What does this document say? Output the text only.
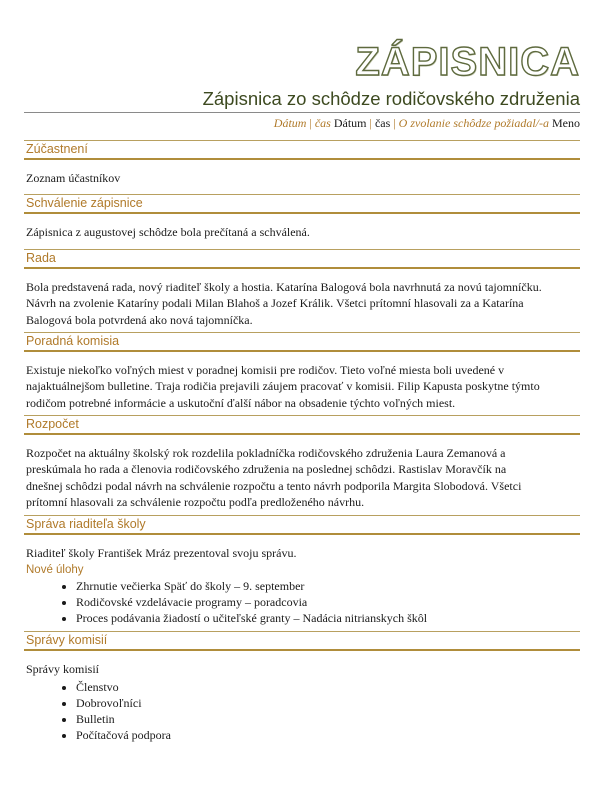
ZÁPISNICA
Zápisnica zo schôdze rodičovského združenia
Dátum | čas Dátum | čas | O zvolanie schôdze požiadal/-a Meno
Zúčastnení
Zoznam účastníkov
Schválenie zápisnice
Zápisnica z augustovej schôdze bola prečítaná a schválená.
Rada
Bola predstavená rada, nový riaditeľ školy a hostia. Katarína Balogová bola navrhnutá za novú tajomníčku.
Návrh na zvolenie Kataríny podali Milan Blahoš a Jozef Králik. Všetci prítomní hlasovali za a Katarína
Balogová bola potvrdená ako nová tajomníčka.
Poradná komisia
Existuje niekoľko voľných miest v poradnej komisii pre rodičov. Tieto voľné miesta boli uvedené v
najaktuálnejšom bulletine. Traja rodičia prejavili záujem pracovať v komisii. Filip Kapusta poskytne týmto
rodičom potrebné informácie a uskutoční ďalší nábor na obsadenie týchto voľných miest.
Rozpočet
Rozpočet na aktuálny školský rok rozdelila pokladníčka rodičovského združenia Laura Zemanová a
preskúmala ho rada a členovia rodičovského združenia na poslednej schôdzi. Rastislav Moravčík na
dnešnej schôdzi podal návrh na schválenie rozpočtu a tento návrh podporila Margita Slobodová. Všetci
prítomní hlasovali za schválenie rozpočtu podľa predloženého návrhu.
Správa riaditeľa školy
Riaditeľ školy František Mráz prezentoval svoju správu.
Nové úlohy
• Zhrnutie večierka Späť do školy – 9. september
• Rodičovské vzdelávacie programy – poradcovia
• Proces podávania žiadostí o učiteľské granty – Nadácia nitrianskych škôl
Správy komisií
Správy komisií
• Členstvo
• Dobrovoľníci
• Bulletin
• Počítačová podpora
